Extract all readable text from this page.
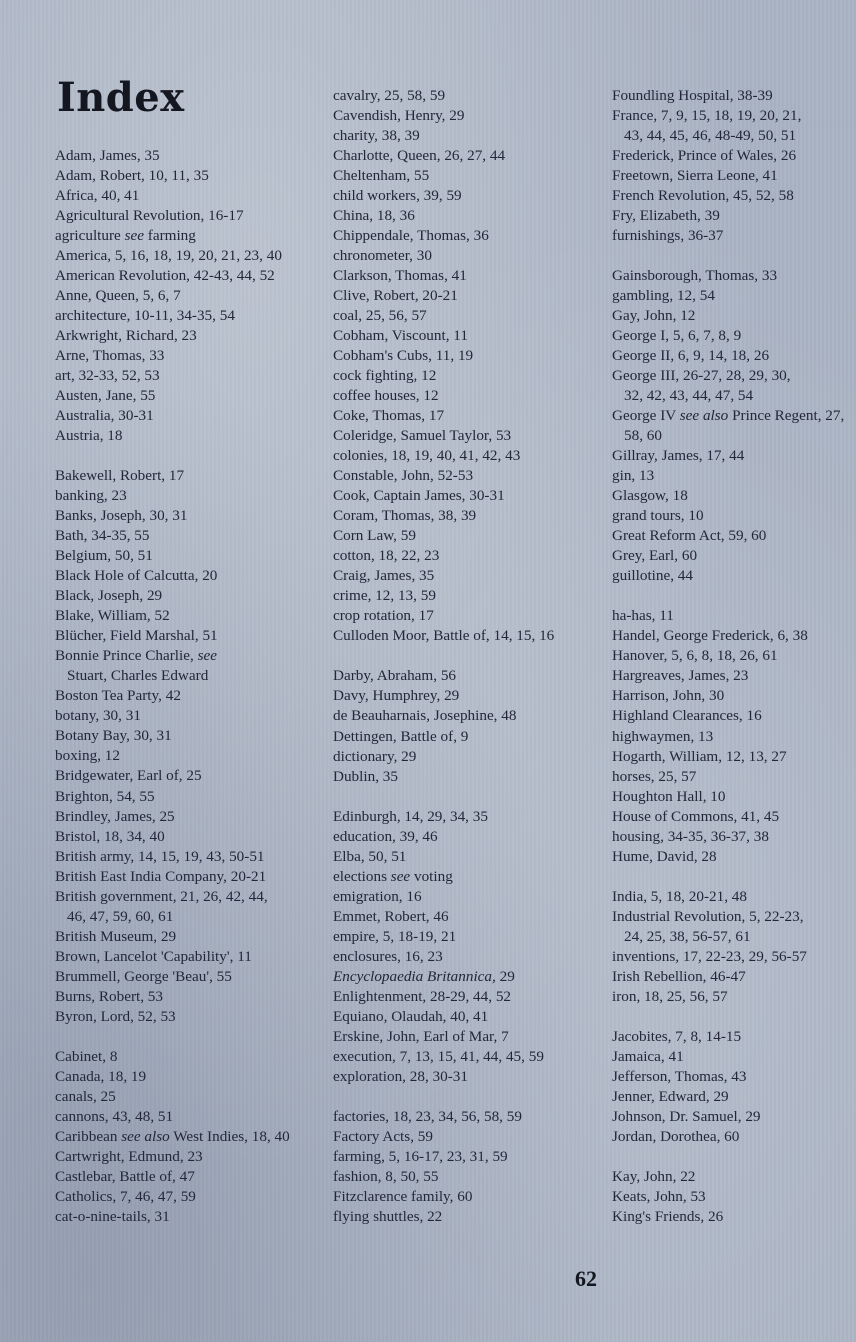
Index

Adam, James, 35

Adam, Robert, 10, 11, 35

Africa, 40, 41

Agricultural Revolution, 16-17

agriculture see farming

America, 5, 16, 18, 19, 20, 21, 23, 40

American Revolution, 42-43, 44, 52

Anne, Queen, 5, 6, 7

architecture, 10-11, 34-35, 54

Arkwright, Richard, 23

Arne, Thomas, 33

art, 32-33, 52, 53

Austen, Jane, 55

Australia, 30-31

Austria, 18

Bakewell, Robert, 17

banking, 23

Banks, Joseph, 30, 31

Bath, 34-35, 55

Belgium, 50, 51

Black Hole of Calcutta, 20

Black, Joseph, 29

Blake, William, 52

Blücher, Field Marshal, 51

Bonnie Prince Charlie, see

Stuart, Charles Edward

Boston Tea Party, 42

botany, 30, 31

Botany Bay, 30, 31

boxing, 12

Bridgewater, Earl of, 25

Brighton, 54, 55

Brindley, James, 25

Bristol, 18, 34, 40

British army, 14, 15, 19, 43, 50-51

British East India Company, 20-21

British government, 21, 26, 42, 44,

46, 47, 59, 60, 61

British Museum, 29

Brown, Lancelot 'Capability', 11

Brummell, George 'Beau', 55

Burns, Robert, 53

Byron, Lord, 52, 53

Cabinet, 8

Canada, 18, 19

canals, 25

cannons, 43, 48, 51

Caribbean see also West Indies, 18, 40

Cartwright, Edmund, 23

Castlebar, Battle of, 47

Catholics, 7, 46, 47, 59

cat-o-nine-tails, 31

cavalry, 25, 58, 59

Cavendish, Henry, 29

charity, 38, 39

Charlotte, Queen, 26, 27, 44

Cheltenham, 55

child workers, 39, 59

China, 18, 36

Chippendale, Thomas, 36

chronometer, 30

Clarkson, Thomas, 41

Clive, Robert, 20-21

coal, 25, 56, 57

Cobham, Viscount, 11

Cobham's Cubs, 11, 19

cock fighting, 12

coffee houses, 12

Coke, Thomas, 17

Coleridge, Samuel Taylor, 53

colonies, 18, 19, 40, 41, 42, 43

Constable, John, 52-53

Cook, Captain James, 30-31

Coram, Thomas, 38, 39

Corn Law, 59

cotton, 18, 22, 23

Craig, James, 35

crime, 12, 13, 59

crop rotation, 17

Culloden Moor, Battle of, 14, 15, 16

Darby, Abraham, 56

Davy, Humphrey, 29

de Beauharnais, Josephine, 48

Dettingen, Battle of, 9

dictionary, 29

Dublin, 35

Edinburgh, 14, 29, 34, 35

education, 39, 46

Elba, 50, 51

elections see voting

emigration, 16

Emmet, Robert, 46

empire, 5, 18-19, 21

enclosures, 16, 23

Encyclopaedia Britannica, 29

Enlightenment, 28-29, 44, 52

Equiano, Olaudah, 40, 41

Erskine, John, Earl of Mar, 7

execution, 7, 13, 15, 41, 44, 45, 59

exploration, 28, 30-31

factories, 18, 23, 34, 56, 58, 59

Factory Acts, 59

farming, 5, 16-17, 23, 31, 59

fashion, 8, 50, 55

Fitzclarence family, 60

flying shuttles, 22

Foundling Hospital, 38-39

France, 7, 9, 15, 18, 19, 20, 21,

43, 44, 45, 46, 48-49, 50, 51

Frederick, Prince of Wales, 26

Freetown, Sierra Leone, 41

French Revolution, 45, 52, 58

Fry, Elizabeth, 39

furnishings, 36-37

Gainsborough, Thomas, 33

gambling, 12, 54

Gay, John, 12

George I, 5, 6, 7, 8, 9

George II, 6, 9, 14, 18, 26

George III, 26-27, 28, 29, 30,

32, 42, 43, 44, 47, 54

George IV see also Prince Regent, 27,

58, 60

Gillray, James, 17, 44

gin, 13

Glasgow, 18

grand tours, 10

Great Reform Act, 59, 60

Grey, Earl, 60

guillotine, 44

ha-has, 11

Handel, George Frederick, 6, 38

Hanover, 5, 6, 8, 18, 26, 61

Hargreaves, James, 23

Harrison, John, 30

Highland Clearances, 16

highwaymen, 13

Hogarth, William, 12, 13, 27

horses, 25, 57

Houghton Hall, 10

House of Commons, 41, 45

housing, 34-35, 36-37, 38

Hume, David, 28

India, 5, 18, 20-21, 48

Industrial Revolution, 5, 22-23,

24, 25, 38, 56-57, 61

inventions, 17, 22-23, 29, 56-57

Irish Rebellion, 46-47

iron, 18, 25, 56, 57

Jacobites, 7, 8, 14-15

Jamaica, 41

Jefferson, Thomas, 43

Jenner, Edward, 29

Johnson, Dr. Samuel, 29

Jordan, Dorothea, 60

Kay, John, 22

Keats, John, 53

King's Friends, 26

62
